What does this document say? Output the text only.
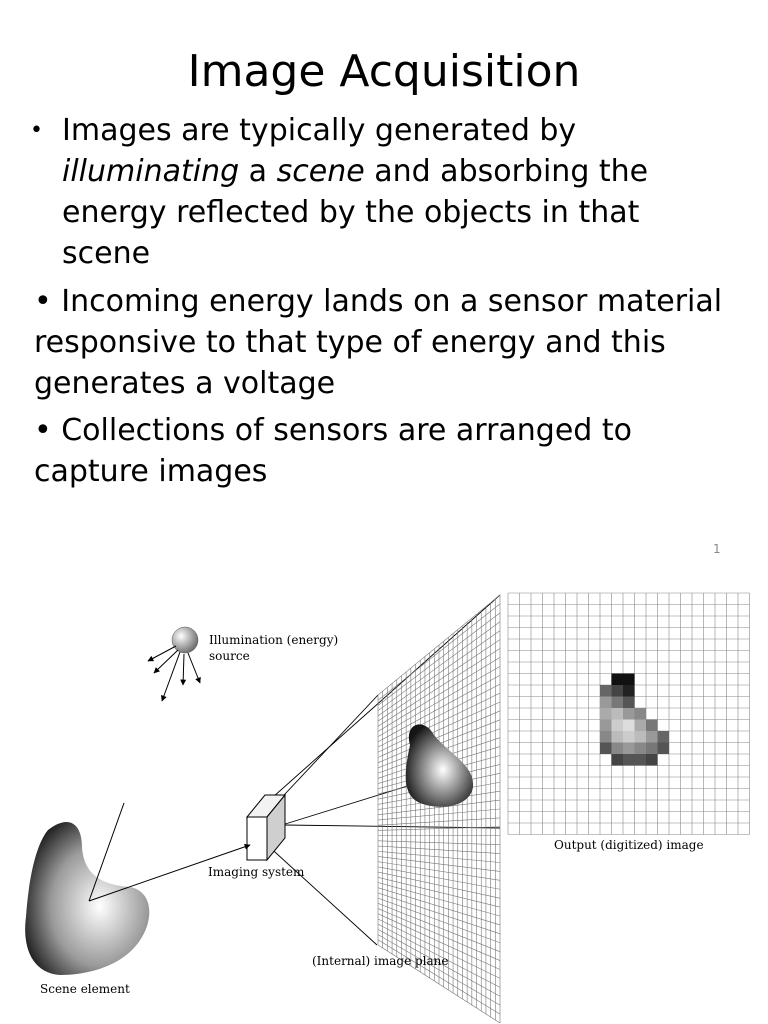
Image Acquisition
• Images are typically generated by illuminating a scene and absorbing the energy reflected by the objects in that scene
• Incoming energy lands on a sensor material responsive to that type of energy and this generates a voltage
• Collections of sensors are arranged to capture images
1
Illumination (energy)
source
Output (digitized) image
Imaging system
(Internal) image plane
Scene element
